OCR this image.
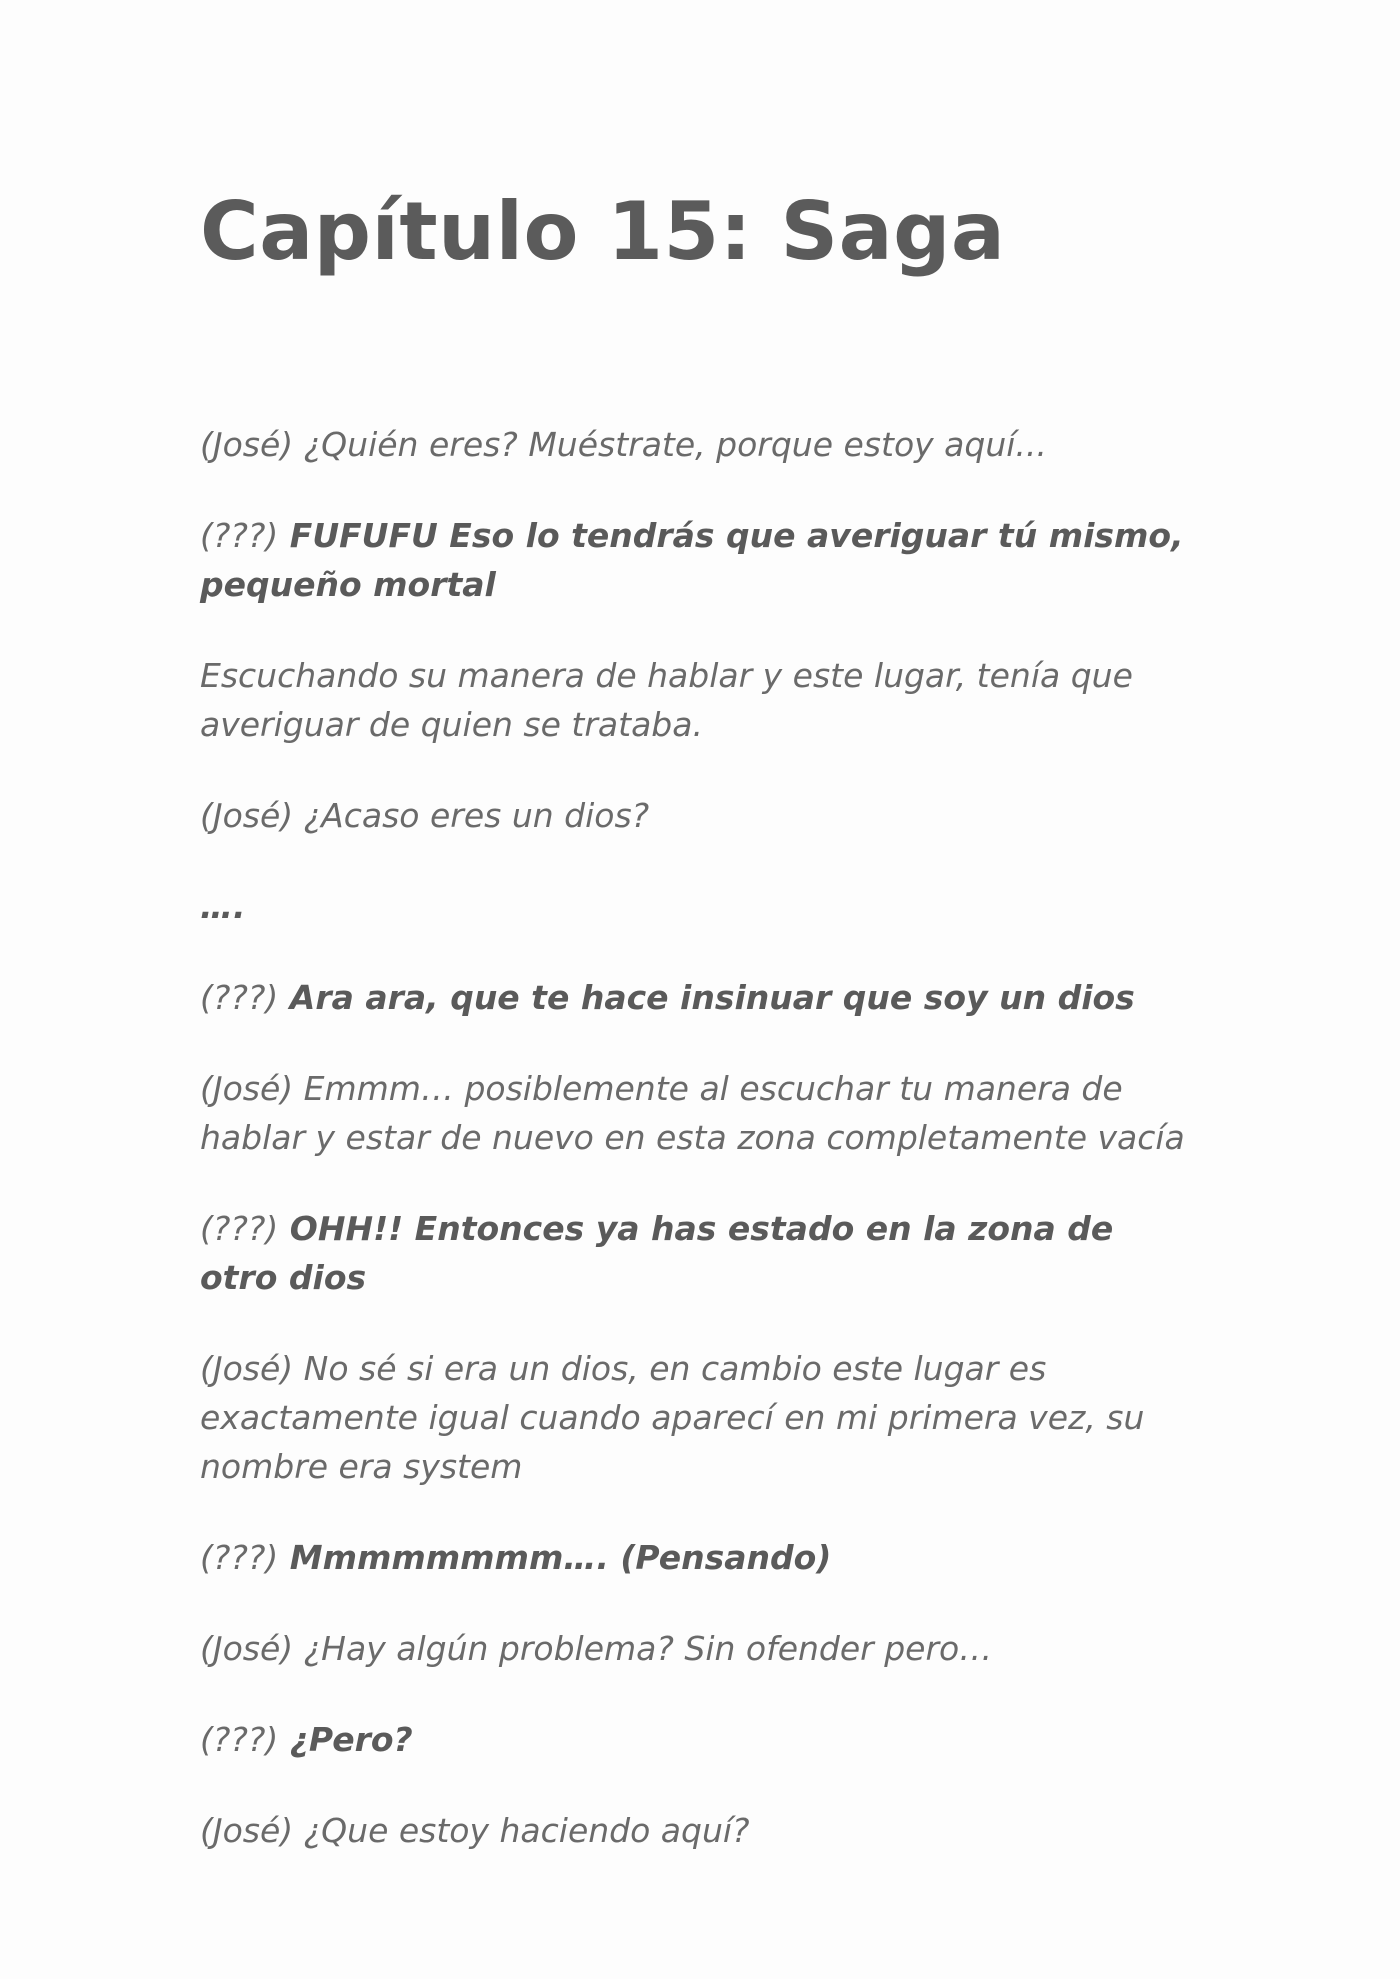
Capítulo 15: Saga

(José) ¿Quién eres? Muéstrate, porque estoy aquí...

(???) FUFUFU Eso lo tendrás que averiguar tú mismo, pequeño mortal

Escuchando su manera de hablar y este lugar, tenía que averiguar de quien se trataba.

(José) ¿Acaso eres un dios?

….

(???) Ara ara, que te hace insinuar que soy un dios

(José) Emmm… posiblemente al escuchar tu manera de hablar y estar de nuevo en esta zona completamente vacía

(???) OHH!! Entonces ya has estado en la zona de otro dios

(José) No sé si era un dios, en cambio este lugar es exactamente igual cuando aparecí en mi primera vez, su nombre era system

(???) Mmmmmmmm…. (Pensando)

(José) ¿Hay algún problema? Sin ofender pero…

(???) ¿Pero?

(José) ¿Que estoy haciendo aquí?
